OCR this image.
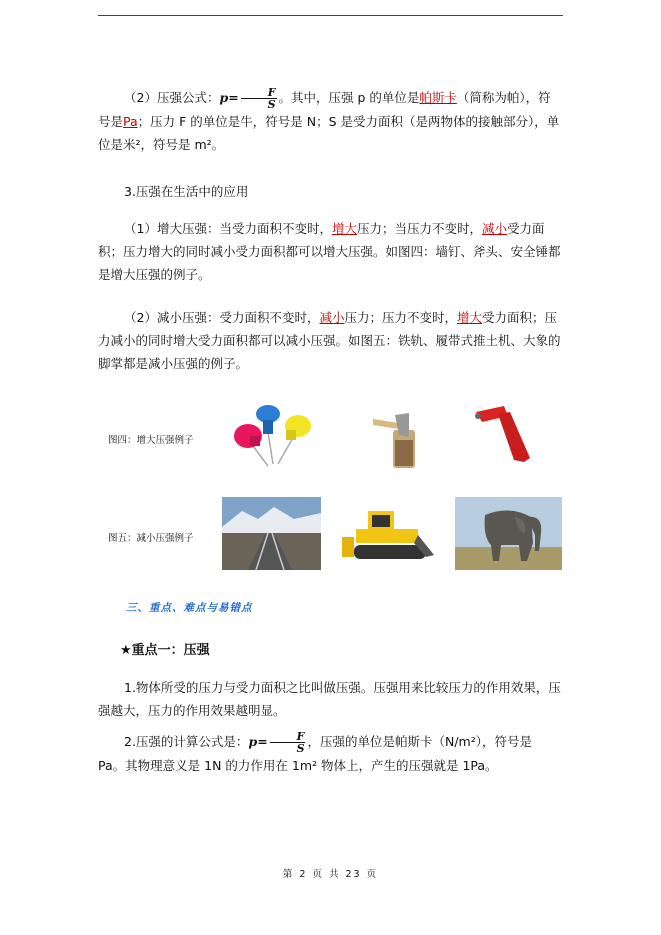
（2）压强公式：$p= \frac{F}{S}$ 。其中，压强 p 的单位是帕斯卡（简称为帕），符号是Pa；压力 F 的单位是牛，符号是 N；S 是受力面积（是两物体的接触部分），单位是米²，符号是 m²。
3.压强在生活中的应用
（1）增大压强：当受力面积不变时，增大压力；当压力不变时，减小受力面积；压力增大的同时减小受力面积都可以增大压强。如图四：墙钉、斧头、安全锤都是增大压强的例子。
（2）减小压强：受力面积不变时，减小压力；压力不变时，增大受力面积；压力减小的同时增大受力面积都可以减小压强。如图五：铁轨、履带式推土机、大象的脚掌都是减小压强的例子。
图四：增大压强例子
图五：减小压强例子
三、重点、难点与易错点
★重点一：压强
1.物体所受的压力与受力面积之比叫做压强。压强用来比较压力的作用效果，压强越大，压力的作用效果越明显。
2.压强的计算公式是：$p= \frac{F}{S}$ ，压强的单位是帕斯卡（N/m²），符号是 Pa。其物理意义是 1N 的力作用在 1m² 物体上，产生的压强就是 1Pa。
第 2 页 共 23 页
